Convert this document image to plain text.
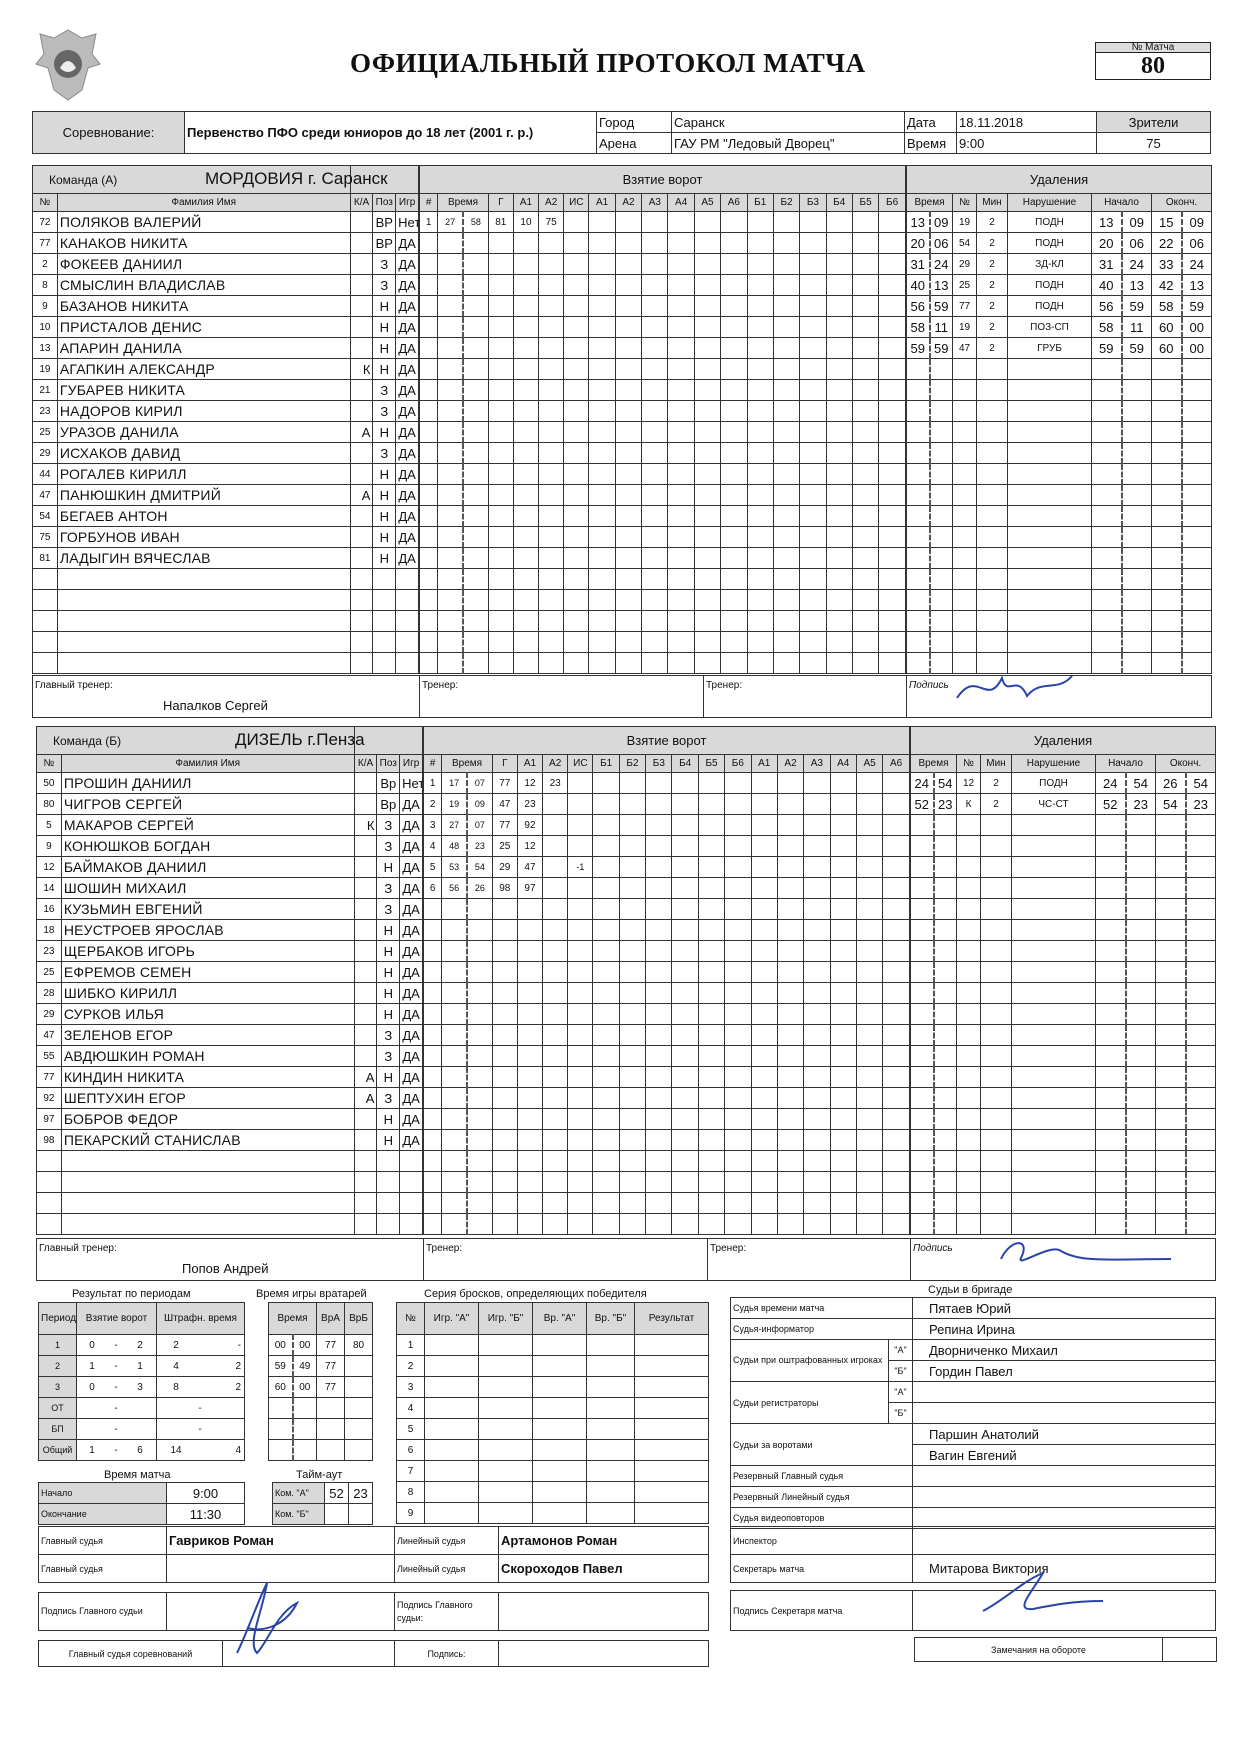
ОФИЦИАЛЬНЫЙ ПРОТОКОЛ МАТЧА
№ Матча
80
Соревнование:	Первенство ПФО среди юниоров до 18 лет (2001 г. р.)	Город	Саранск	Дата	18.11.2018	Зрители
		Арена	ГАУ РМ "Ледовый Дворец"	Время	9:00	75
Команда (А) МОРДОВИЯ г. Саранск				

№	Фамилия Имя	К/А	Поз	Игр
72	ПОЛЯКОВ ВАЛЕРИЙ		ВР	Нет
77	КАНАКОВ НИКИТА		ВР	ДА
2	ФОКЕЕВ ДАНИИЛ		З	ДА
8	СМЫСЛИН ВЛАДИСЛАВ		З	ДА
9	БАЗАНОВ НИКИТА		Н	ДА
10	ПРИСТАЛОВ ДЕНИС		Н	ДА
13	АПАРИН ДАНИЛА		Н	ДА
19	АГАПКИН АЛЕКСАНДР	К	Н	ДА
21	ГУБАРЕВ НИКИТА		З	ДА
23	НАДОРОВ КИРИЛ		З	ДА
25	УРАЗОВ ДАНИЛА	А	Н	ДА
29	ИСХАКОВ ДАВИД		З	ДА
44	РОГАЛЕВ КИРИЛЛ		Н	ДА
47	ПАНЮШКИН ДМИТРИЙ	А	Н	ДА
54	БЕГАЕВ АНТОН		Н	ДА
75	ГОРБУНОВ ИВАН		Н	ДА
81	ЛАДЫГИН ВЯЧЕСЛАВ		Н	ДА

Взятие ворот																		
#	Время		Г	А1	А2	ИС	А1	А2	А3	А4	А5	А6	Б1	Б2	Б3	Б4	Б5	Б6
1	27	58	81	10	75													

Удаления								
Время		№	Мин	Нарушение	Начало		Оконч.	
13	09	19	2	ПОДН	13	09	15	09
20	06	54	2	ПОДН	20	06	22	06
31	24	29	2	ЗД-КЛ	31	24	33	24
40	13	25	2	ПОДН	40	13	42	13
56	59	77	2	ПОДН	56	59	58	59
58	11	19	2	ПОЗ-СП	58	11	60	00
59	59	47	2	ГРУБ	59	59	60	00

Главный тренер:
Напалков Сергей
	Тренер:	Тренер:	Подпись
Команда (Б) ДИЗЕЛЬ г.Пенза				

№	Фамилия Имя	К/А	Поз	Игр
50	ПРОШИН ДАНИИЛ		Вр	Нет
80	ЧИГРОВ СЕРГЕЙ		Вр	ДА
5	МАКАРОВ СЕРГЕЙ	К	З	ДА
9	КОНЮШКОВ БОГДАН		З	ДА
12	БАЙМАКОВ ДАНИИЛ		Н	ДА
14	ШОШИН МИХАИЛ		З	ДА
16	КУЗЬМИН ЕВГЕНИЙ		З	ДА
18	НЕУСТРОЕВ ЯРОСЛАВ		Н	ДА
23	ЩЕРБАКОВ ИГОРЬ		Н	ДА
25	ЕФРЕМОВ СЕМЕН		Н	ДА
28	ШИБКО КИРИЛЛ		Н	ДА
29	СУРКОВ ИЛЬЯ		Н	ДА
47	ЗЕЛЕНОВ ЕГОР		З	ДА
55	АВДЮШКИН РОМАН		З	ДА
77	КИНДИН НИКИТА	А	Н	ДА
92	ШЕПТУХИН ЕГОР	А	З	ДА
97	БОБРОВ ФЕДОР		Н	ДА
98	ПЕКАРСКИЙ СТАНИСЛАВ		Н	ДА

Взятие ворот																		
#	Время		Г	А1	А2	ИС	Б1	Б2	Б3	Б4	Б5	Б6	А1	А2	А3	А4	А5	А6
1	17	07	77	12	23													
2	19	09	47	23														
3	27	07	77	92														
4	48	23	25	12														
5	53	54	29	47		-1												
6	56	26	98	97														

Удаления								
Время		№	Мин	Нарушение	Начало		Оконч.	
24	54	12	2	ПОДН	24	54	26	54
52	23	К	2	ЧС-СТ	52	23	54	23

Главный тренер:
Попов Андрей
	Тренер:	Тренер:	Подпись
Результат по периодам
Период	Взятие ворот	Штрафн. время
1	0 - 2	2 -
2	1 - 1	4 2
3	0 - 3	8 2
ОТ	-	-
БП	-	-
Общий	1 - 6	14 4
Время игры вратарей
Время		ВрА	ВрБ
00	00	77	80
59	49	77	
60	00	77	

Время матча
Начало	9:00
Окончание	11:30
Тайм-аут
Ком. "А"	52	23
Ком. "Б"		
Серия бросков, определяющих победителя
№	Игр. "А"	Игр. "Б"	Вр. "А"	Вр. "Б"	Результат
1					
2					
3					
4					
5					
6					
7					
8					
9					
Судьи в бригаде
Судья времени матча		Пятаев Юрий
Судья-информатор		Репина Ирина
Судьи при оштрафованных игроках	"А"	Дворниченко Михаил
	"Б"	Гордин Павел
Судьи регистраторы	"А"	
	"Б"	
Судьи за воротами		Паршин Анатолий
		Вагин Евгений
Резервный Главный судья		
Резервный Линейный судья		
Судья видеоповторов		
Инспектор	
Секретарь матча	Митарова Виктория
Подпись Секретаря матча	
Замечания на обороте	
Главный судья	Гавриков Роман	Линейный судья	Артамонов Роман
Главный судья		Линейный судья	Скороходов Павел
Подпись Главного судьи	
	Подпись Главного судьи:	
Главный судья соревнований		Подпись:	
